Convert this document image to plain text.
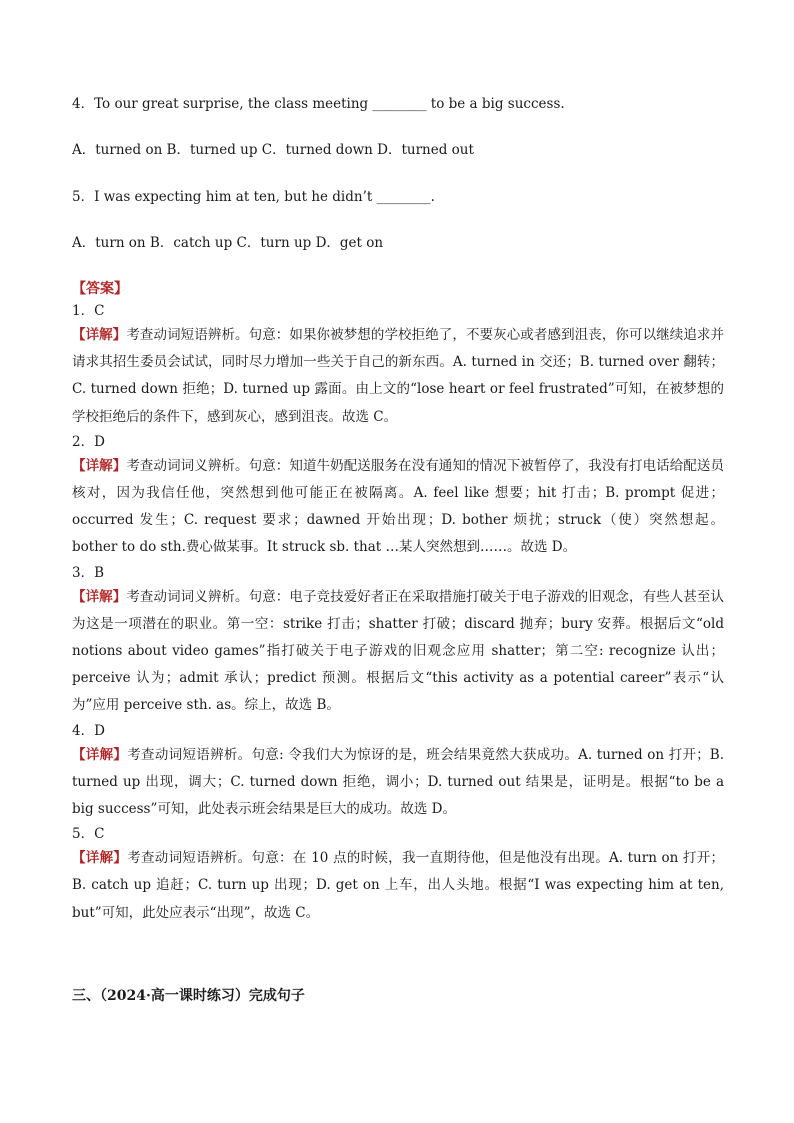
4．To our great surprise, the class meeting ________ to be a big success.
A．turned on B．turned up C．turned down D．turned out
5．I was expecting him at ten, but he didn’t ________.
A．turn on B．catch up C．turn up D．get on
【答案】
1．C
【详解】考查动词短语辨析。句意：如果你被梦想的学校拒绝了，不要灰心或者感到沮丧，你可以继续追求并请求其招生委员会试试，同时尽力增加一些关于自己的新东西。A. turned in 交还；B. turned over 翻转；C. turned down 拒绝；D. turned up 露面。由上文的“lose heart or feel frustrated”可知，在被梦想的学校拒绝后的条件下，感到灰心，感到沮丧。故选 C。
2．D
【详解】考查动词词义辨析。句意：知道牛奶配送服务在没有通知的情况下被暂停了，我没有打电话给配送员核对，因为我信任他，突然想到他可能正在被隔离。A. feel like 想要；hit 打击；B. prompt 促进；occurred 发生；C. request 要求；dawned 开始出现；D. bother 烦扰；struck（使）突然想起。bother to do sth.费心做某事。It struck sb. that …某人突然想到……。故选 D。
3．B
【详解】考查动词词义辨析。句意：电子竞技爱好者正在采取措施打破关于电子游戏的旧观念，有些人甚至认为这是一项潜在的职业。第一空：strike 打击；shatter 打破；discard 抛弃；bury 安葬。根据后文“old notions about video games”指打破关于电子游戏的旧观念应用 shatter；第二空: recognize 认出；perceive 认为；admit 承认；predict 预测。根据后文“this activity as a potential career”表示“认为”应用 perceive sth. as。综上，故选 B。
4．D
【详解】考查动词短语辨析。句意: 令我们大为惊讶的是，班会结果竟然大获成功。A. turned on 打开；B. turned up 出现，调大；C. turned down 拒绝，调小；D. turned out 结果是，证明是。根据“to be a big success”可知，此处表示班会结果是巨大的成功。故选 D。
5．C
【详解】考查动词短语辨析。句意：在 10 点的时候，我一直期待他，但是他没有出现。A. turn on 打开；B. catch up 追赶；C. turn up 出现；D. get on 上车，出人头地。根据“I was expecting him at ten, but”可知，此处应表示“出现”，故选 C。
三、（2024·高一课时练习）完成句子
